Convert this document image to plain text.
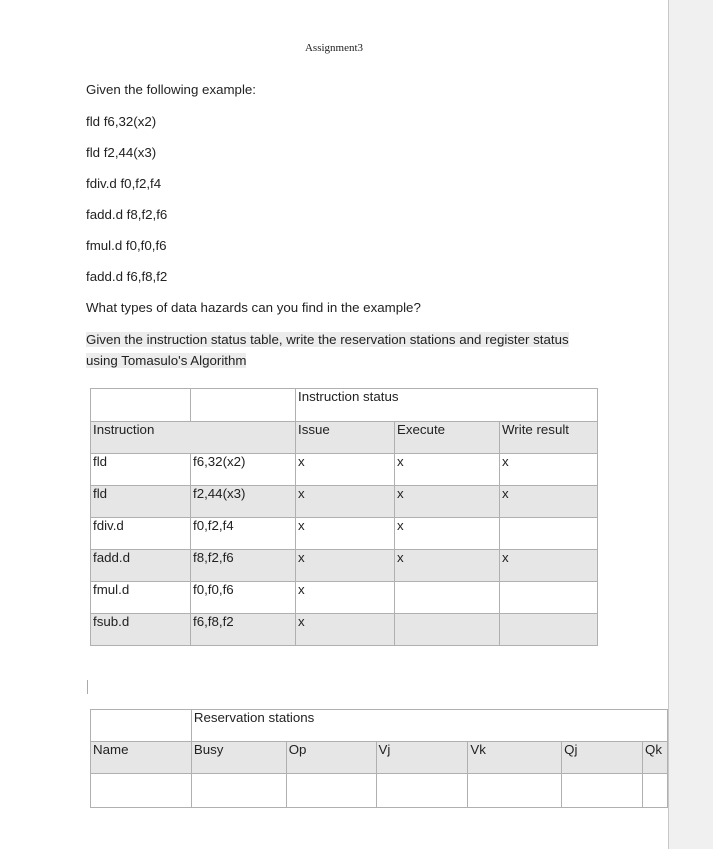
Assignment3
Given the following example:
fld f6,32(x2)
fld f2,44(x3)
fdiv.d f0,f2,f4
fadd.d f8,f2,f6
fmul.d f0,f0,f6
fadd.d f6,f8,f2
What types of data hazards can you find in the example?
Given the instruction status table, write the reservation stations and register status using Tomasulo's Algorithm
		Instruction status		
Instruction		Issue	Execute	Write result
fld	f6,32(x2)	x	x	x
fld	f2,44(x3)	x	x	x
fdiv.d	f0,f2,f4	x	x	
fadd.d	f8,f2,f6	x	x	x
fmul.d	f0,f0,f6	x		
fsub.d	f6,f8,f2	x		
	Reservation stations					
Name	Busy	Op	Vj	Vk	Qj	Qk
